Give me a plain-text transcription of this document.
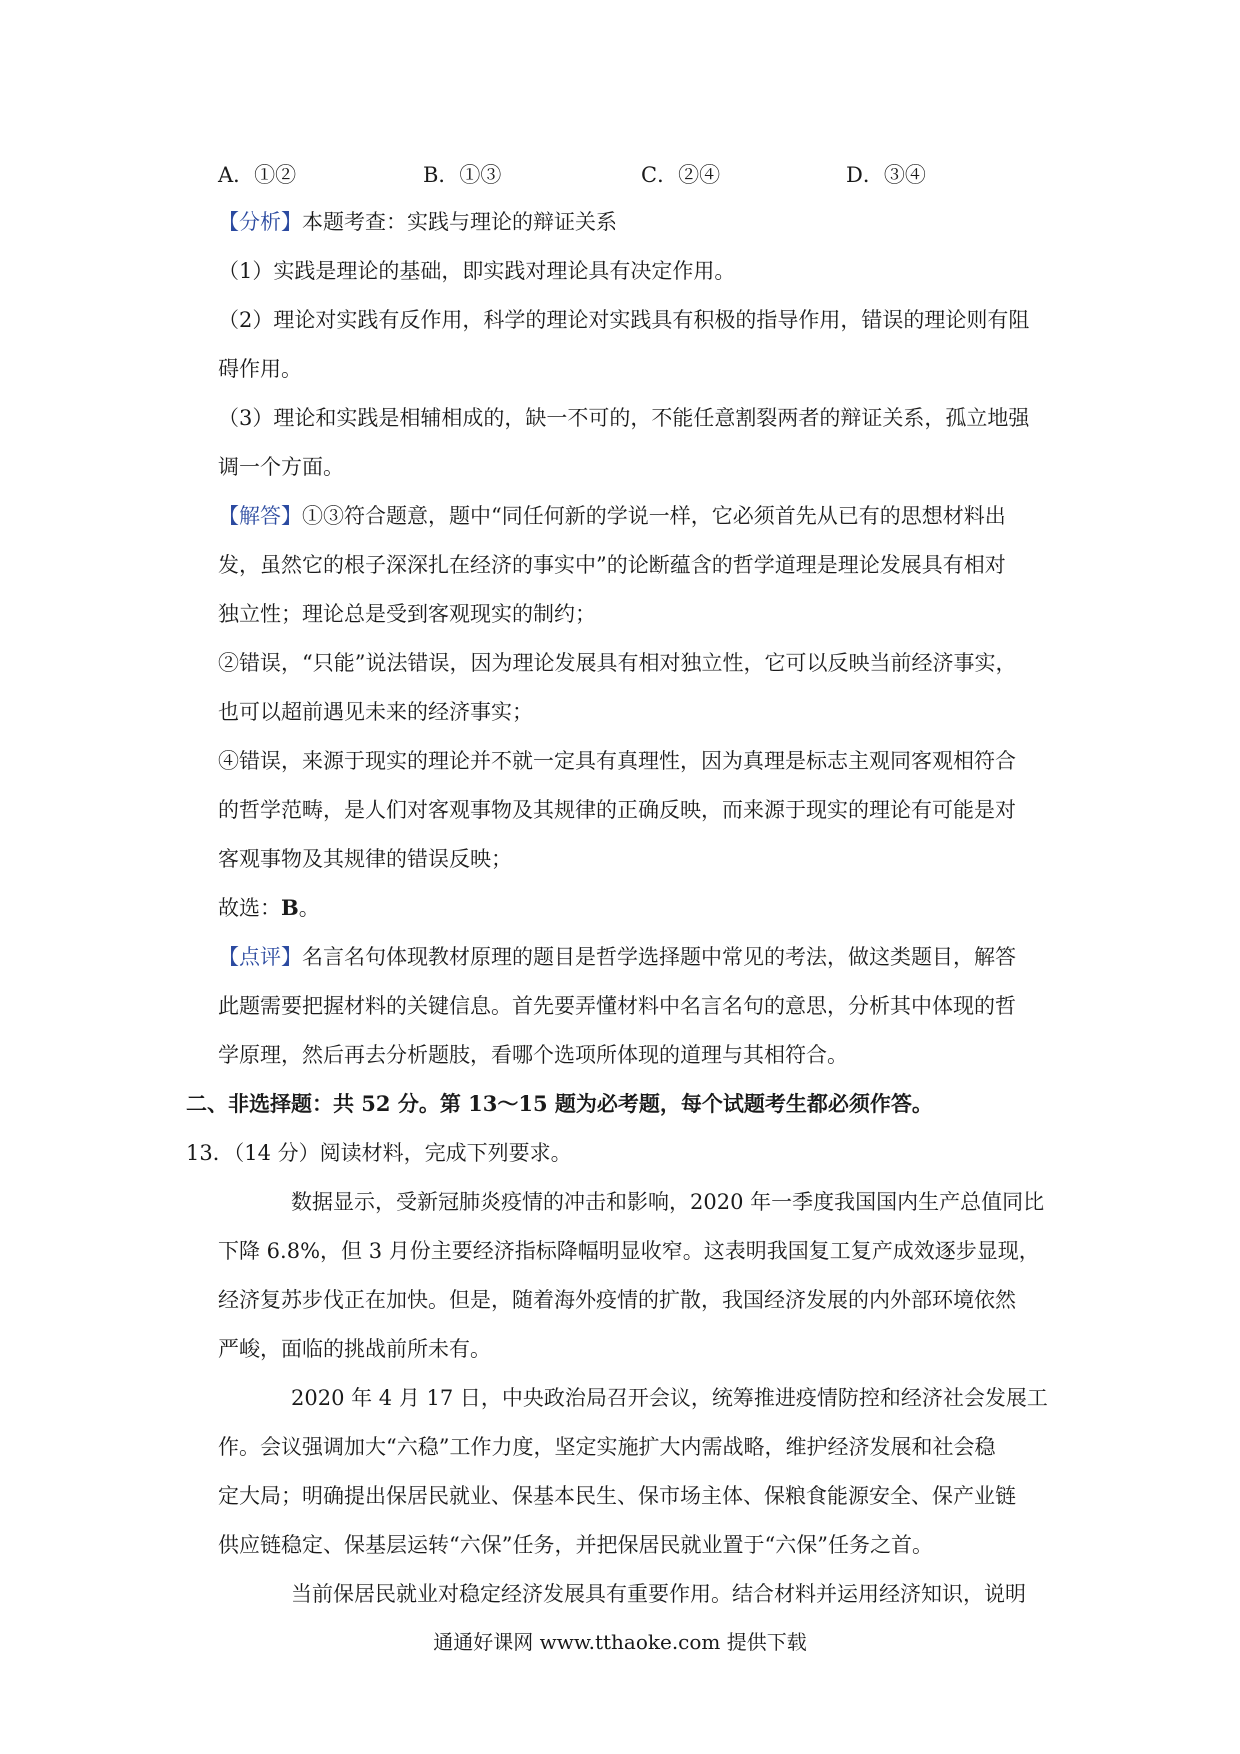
A．①②	B．①③	C．②④	D．③④
【分析】本题考查：实践与理论的辩证关系
（1）实践是理论的基础，即实践对理论具有决定作用。
（2）理论对实践有反作用，科学的理论对实践具有积极的指导作用，错误的理论则有阻
碍作用。
（3）理论和实践是相辅相成的，缺一不可的，不能任意割裂两者的辩证关系，孤立地强
调一个方面。
【解答】①③符合题意，题中“同任何新的学说一样，它必须首先从已有的思想材料出
发，虽然它的根子深深扎在经济的事实中”的论断蕴含的哲学道理是理论发展具有相对
独立性；理论总是受到客观现实的制约；
②错误，“只能”说法错误，因为理论发展具有相对独立性，它可以反映当前经济事实，
也可以超前遇见未来的经济事实；
④错误，来源于现实的理论并不就一定具有真理性，因为真理是标志主观同客观相符合
的哲学范畴，是人们对客观事物及其规律的正确反映，而来源于现实的理论有可能是对
客观事物及其规律的错误反映；
故选：B。
【点评】名言名句体现教材原理的题目是哲学选择题中常见的考法，做这类题目，解答
此题需要把握材料的关键信息。首先要弄懂材料中名言名句的意思，分析其中体现的哲
学原理，然后再去分析题肢，看哪个选项所体现的道理与其相符合。
二、非选择题：共 52 分。第 13～15 题为必考题，每个试题考生都必须作答。
13．（14 分）阅读材料，完成下列要求。
数据显示，受新冠肺炎疫情的冲击和影响，2020 年一季度我国国内生产总值同比
下降 6.8%，但 3 月份主要经济指标降幅明显收窄。这表明我国复工复产成效逐步显现，
经济复苏步伐正在加快。但是，随着海外疫情的扩散，我国经济发展的内外部环境依然
严峻，面临的挑战前所未有。
2020 年 4 月 17 日，中央政治局召开会议，统筹推进疫情防控和经济社会发展工
作。会议强调加大“六稳”工作力度，坚定实施扩大内需战略，维护经济发展和社会稳
定大局；明确提出保居民就业、保基本民生、保市场主体、保粮食能源安全、保产业链
供应链稳定、保基层运转“六保”任务，并把保居民就业置于“六保”任务之首。
当前保居民就业对稳定经济发展具有重要作用。结合材料并运用经济知识，说明
通通好课网 www.tthaoke.com 提供下载
